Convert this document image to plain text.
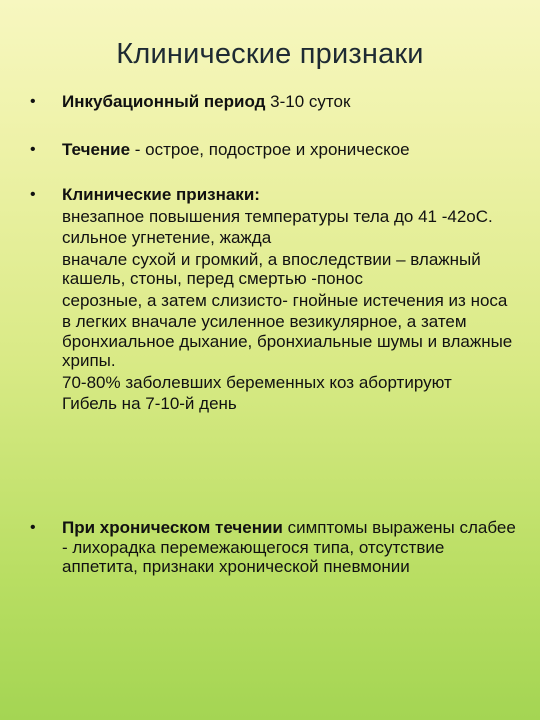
Клинические признаки
•	Инкубационный период 3-10 суток
•	Течение - острое, подострое и хроническое
•	Клинические признаки:
внезапное повышения температуры тела до 41 -42оС.
сильное угнетение, жажда
вначале сухой и громкий, а впоследствии – влажный кашель, стоны, перед смертью -понос
серозные, а затем слизисто- гнойные истечения из носа
в легких вначале усиленное везикулярное, а затем бронхиальное дыхание, бронхиальные шумы и влажные хрипы.
70-80% заболевших беременных коз абортируют
Гибель на 7-10-й день
•	При хроническом течении симптомы выражены слабее - лихорадка перемежающегося типа, отсутствие аппетита, признаки хронической пневмонии
